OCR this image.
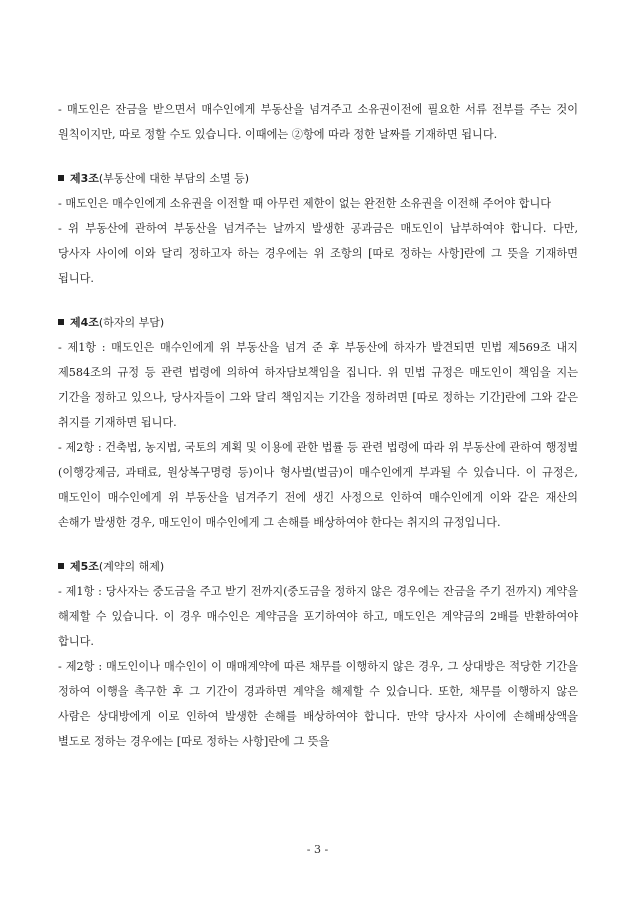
- 매도인은 잔금을 받으면서 매수인에게 부동산을 넘겨주고 소유권이전에 필요한 서류 전부를 주는 것이 원칙이지만, 따로 정할 수도 있습니다. 이때에는 ②항에 따라 정한 날짜를 기재하면 됩니다.

제3조(부동산에 대한 부담의 소멸 등)

- 매도인은 매수인에게 소유권을 이전할 때 아무런 제한이 없는 완전한 소유권을 이전해 주어야 합니다

- 위 부동산에 관하여 부동산을 넘겨주는 날까지 발생한 공과금은 매도인이 납부하여야 합니다. 다만, 당사자 사이에 이와 달리 정하고자 하는 경우에는 위 조항의 [따로 정하는 사항]란에 그 뜻을 기재하면 됩니다.

제4조(하자의 부담)

- 제1항 : 매도인은 매수인에게 위 부동산을 넘겨 준 후 부동산에 하자가 발견되면 민법 제569조 내지 제584조의 규정 등 관련 법령에 의하여 하자담보책임을 집니다. 위 민법 규정은 매도인이 책임을 지는 기간을 정하고 있으나, 당사자들이 그와 달리 책임지는 기간을 정하려면 [따로 정하는 기간]란에 그와 같은 취지를 기재하면 됩니다.

- 제2항 : 건축법, 농지법, 국토의 계획 및 이용에 관한 법률 등 관련 법령에 따라 위 부동산에 관하여 행정벌(이행강제금, 과태료, 원상복구명령 등)이나 형사벌(벌금)이 매수인에게 부과될 수 있습니다. 이 규정은, 매도인이 매수인에게 위 부동산을 넘겨주기 전에 생긴 사정으로 인하여 매수인에게 이와 같은 재산의 손해가 발생한 경우, 매도인이 매수인에게 그 손해를 배상하여야 한다는 취지의 규정입니다.

제5조(계약의 해제)

- 제1항 : 당사자는 중도금을 주고 받기 전까지(중도금을 정하지 않은 경우에는 잔금을 주기 전까지) 계약을 해제할 수 있습니다. 이 경우 매수인은 계약금을 포기하여야 하고, 매도인은 계약금의 2배를 반환하여야 합니다.

- 제2항 : 매도인이나 매수인이 이 매매계약에 따른 채무를 이행하지 않은 경우, 그 상대방은 적당한 기간을 정하여 이행을 촉구한 후 그 기간이 경과하면 계약을 해제할 수 있습니다. 또한, 채무를 이행하지 않은 사람은 상대방에게 이로 인하여 발생한 손해를 배상하여야 합니다. 만약 당사자 사이에 손해배상액을 별도로 정하는 경우에는 [따로 정하는 사항]란에 그 뜻을

- 3 -
